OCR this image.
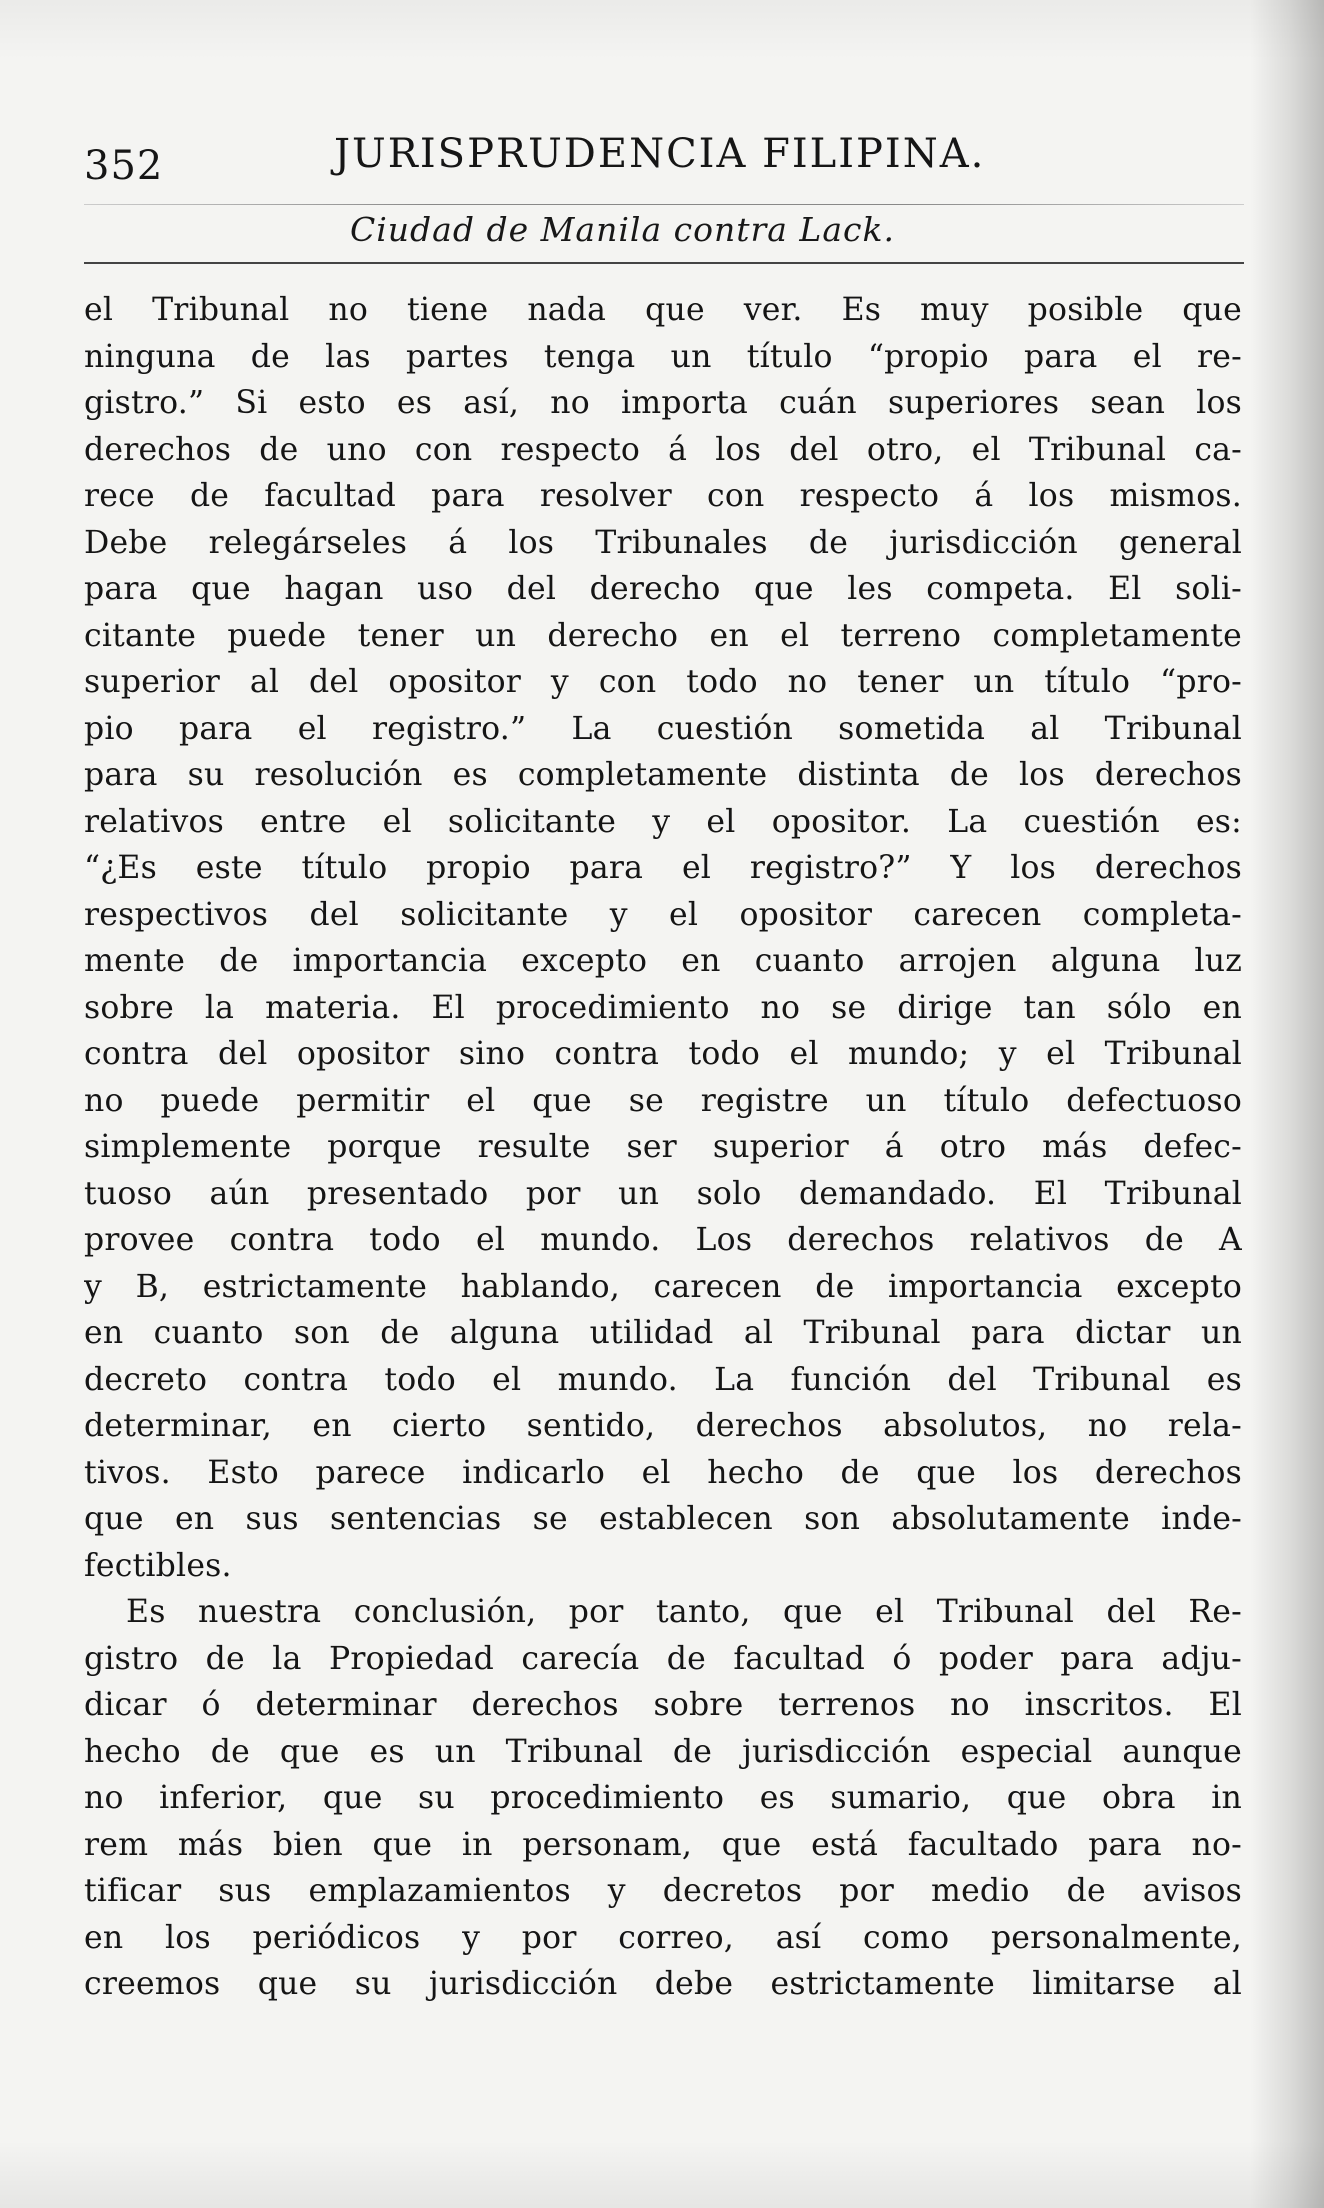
352	JURISPRUDENCIA FILIPINA.
Ciudad de Manila contra Lack.

el Tribunal no tiene nada que ver. Es muy posible que
ninguna de las partes tenga un título “propio para el re-
gistro.” Si esto es así, no importa cuán superiores sean los
derechos de uno con respecto á los del otro, el Tribunal ca-
rece de facultad para resolver con respecto á los mismos.
Debe relegárseles á los Tribunales de jurisdicción general
para que hagan uso del derecho que les competa. El soli-
citante puede tener un derecho en el terreno completamente
superior al del opositor y con todo no tener un título “pro-
pio para el registro.” La cuestión sometida al Tribunal
para su resolución es completamente distinta de los derechos
relativos entre el solicitante y el opositor. La cuestión es:
“¿Es este título propio para el registro?” Y los derechos
respectivos del solicitante y el opositor carecen completa-
mente de importancia excepto en cuanto arrojen alguna luz
sobre la materia. El procedimiento no se dirige tan sólo en
contra del opositor sino contra todo el mundo; y el Tribunal
no puede permitir el que se registre un título defectuoso
simplemente porque resulte ser superior á otro más defec-
tuoso aún presentado por un solo demandado. El Tribunal
provee contra todo el mundo. Los derechos relativos de A
y B, estrictamente hablando, carecen de importancia excepto
en cuanto son de alguna utilidad al Tribunal para dictar un
decreto contra todo el mundo. La función del Tribunal es
determinar, en cierto sentido, derechos absolutos, no rela-
tivos. Esto parece indicarlo el hecho de que los derechos
que en sus sentencias se establecen son absolutamente inde-
fectibles.

Es nuestra conclusión, por tanto, que el Tribunal del Re-
gistro de la Propiedad carecía de facultad ó poder para adju-
dicar ó determinar derechos sobre terrenos no inscritos. El
hecho de que es un Tribunal de jurisdicción especial aunque
no inferior, que su procedimiento es sumario, que obra in
rem más bien que in personam, que está facultado para no-
tificar sus emplazamientos y decretos por medio de avisos
en los periódicos y por correo, así como personalmente,
creemos que su jurisdicción debe estrictamente limitarse al
